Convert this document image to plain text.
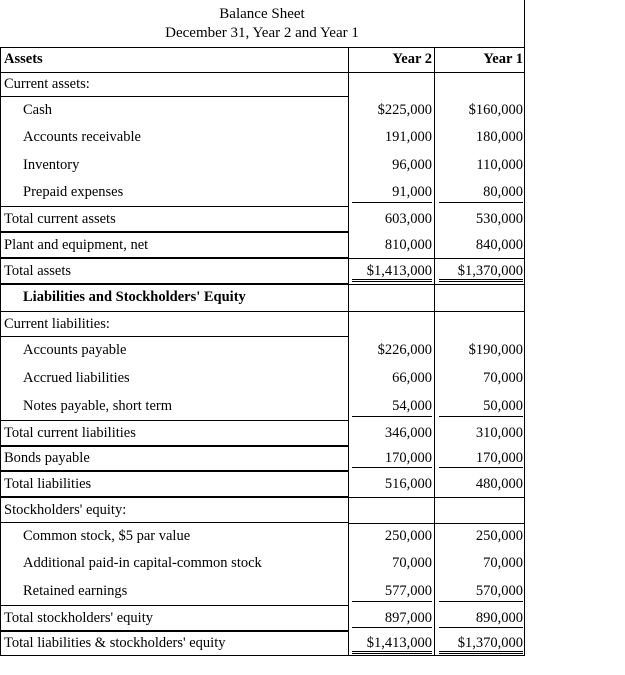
Balance Sheet
December 31, Year 2 and Year 1
Assets	Year 2	Year 1
Current assets:
Cash	$225,000	$160,000
Accounts receivable	191,000	180,000
Inventory	96,000	110,000
Prepaid expenses	91,000	80,000
Total current assets	603,000	530,000
Plant and equipment, net	810,000	840,000
Total assets	$1,413,000 $1,370,000
Liabilities and Stockholders' Equity
Current liabilities:
Accounts payable	$226,000	$190,000
Accrued liabilities	66,000	70,000
Notes payable, short term	54,000	50,000
Total current liabilities	346,000	310,000
Bonds payable	170,000	170,000
Total liabilities	516,000	480,000
Stockholders' equity:
Common stock, $5 par value	250,000	250,000
Additional paid-in capital-common stock	70,000	70,000
Retained earnings	577,000	570,000
Total stockholders' equity	897,000	890,000
Total liabilities & stockholders' equity	$1,413,000 $1,370,000
